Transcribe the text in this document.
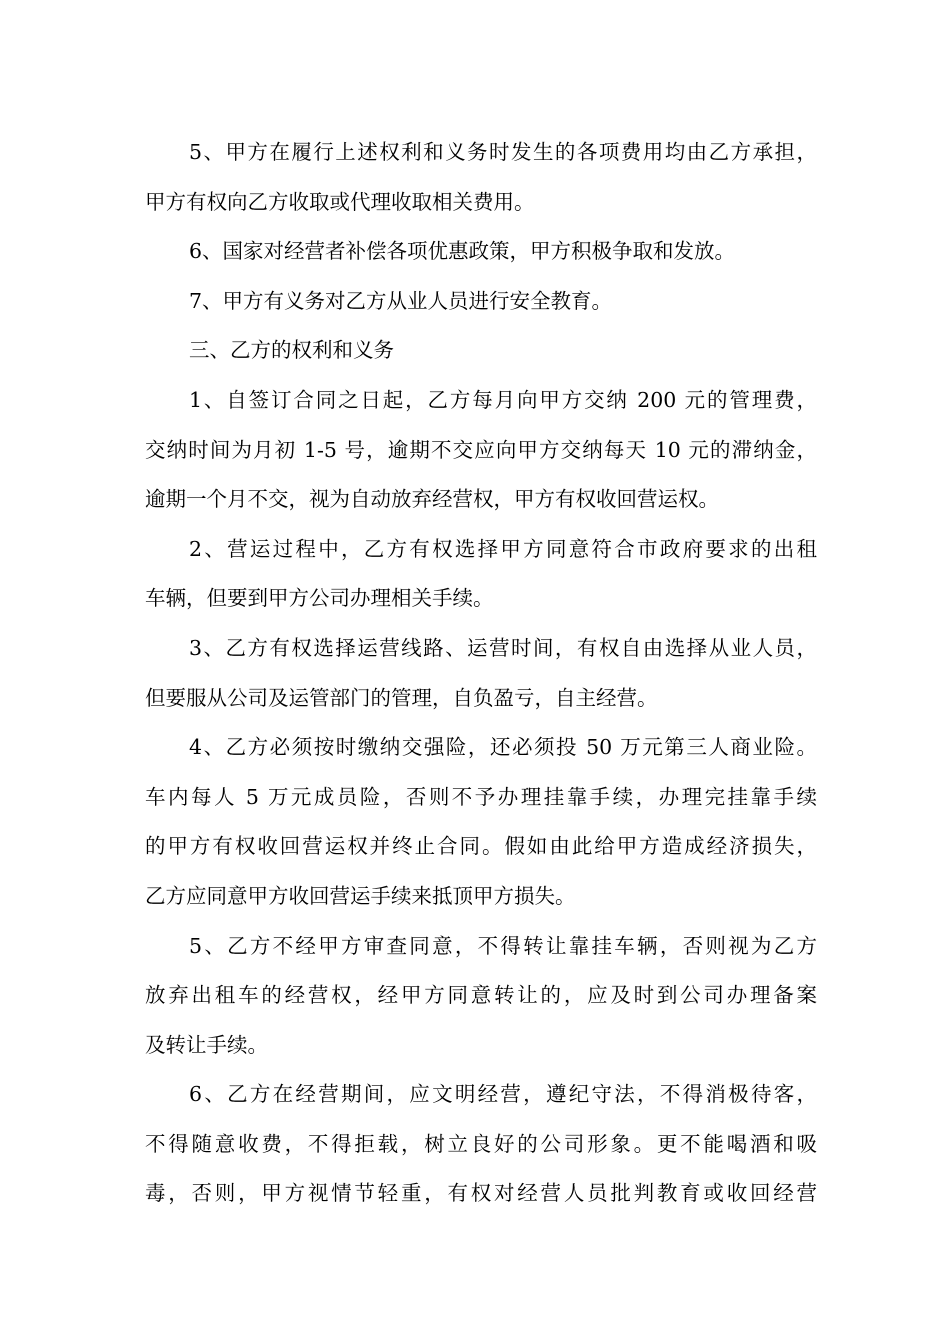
5、甲方在履行上述权利和义务时发生的各项费用均由乙方承担，
甲方有权向乙方收取或代理收取相关费用。
6、国家对经营者补偿各项优惠政策，甲方积极争取和发放。
7、甲方有义务对乙方从业人员进行安全教育。
三、乙方的权利和义务
1、自签订合同之日起，乙方每月向甲方交纳 200 元的管理费，
交纳时间为月初 1-5 号，逾期不交应向甲方交纳每天 10 元的滞纳金，
逾期一个月不交，视为自动放弃经营权，甲方有权收回营运权。
2、营运过程中，乙方有权选择甲方同意符合市政府要求的出租
车辆，但要到甲方公司办理相关手续。
3、乙方有权选择运营线路、运营时间，有权自由选择从业人员，
但要服从公司及运管部门的管理，自负盈亏，自主经营。
4、乙方必须按时缴纳交强险，还必须投 50 万元第三人商业险。
车内每人 5 万元成员险，否则不予办理挂靠手续，办理完挂靠手续
的甲方有权收回营运权并终止合同。假如由此给甲方造成经济损失，
乙方应同意甲方收回营运手续来抵顶甲方损失。
5、乙方不经甲方审查同意，不得转让靠挂车辆，否则视为乙方
放弃出租车的经营权，经甲方同意转让的，应及时到公司办理备案
及转让手续。
6、乙方在经营期间，应文明经营，遵纪守法，不得消极待客，
不得随意收费，不得拒载，树立良好的公司形象。更不能喝酒和吸
毒，否则，甲方视情节轻重，有权对经营人员批判教育或收回经营
